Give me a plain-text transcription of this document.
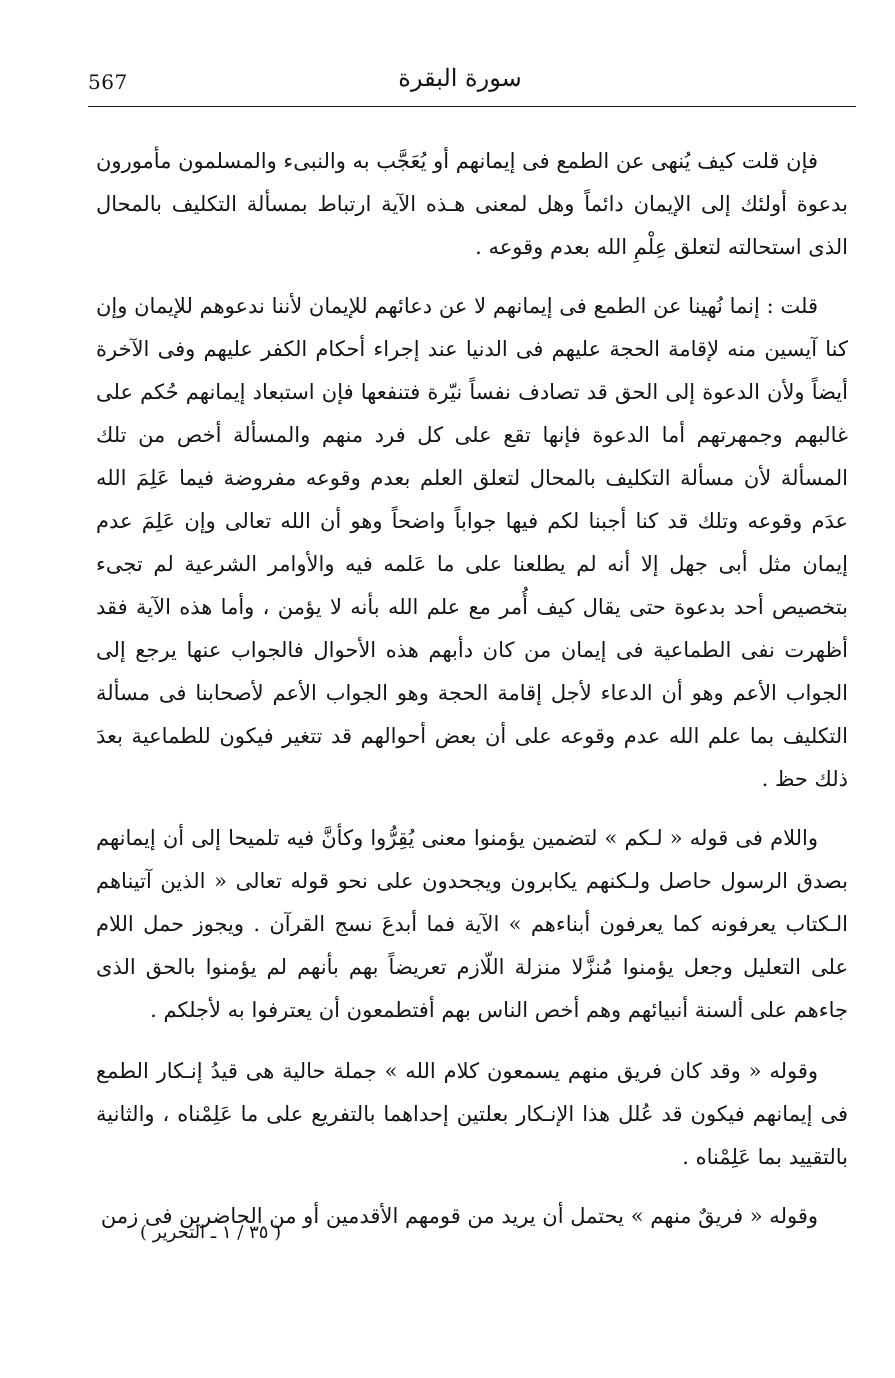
567	سورة البقرة

فإن قلت كيف يُنهى عن الطمع فى إيمانهم أو يُعَجَّب به والنبىء والمسلمون مأمورون بدعوة أولئك إلى الإيمان دائماً وهل لمعنى هـذه الآية ارتباط بمسألة التكليف بالمحال الذى استحالته لتعلق عِلْمِ الله بعدم وقوعه .

قلت : إنما نُهينا عن الطمع فى إيمانهم لا عن دعائهم للإيمان لأننا ندعوهم للإيمان وإن كنا آيسين منه لإقامة الحجة عليهم فى الدنيا عند إجراء أحكام الكفر عليهم وفى الآخرة أيضاً ولأن الدعوة إلى الحق قد تصادف نفساً نيّرة فتنفعها فإن استبعاد إيمانهم حُكم على غالبهم وجمهرتهم أما الدعوة فإنها تقع على كل فرد منهم والمسألة أخص من تلك المسألة لأن مسألة التكليف بالمحال لتعلق العلم بعدم وقوعه مفروضة فيما عَلِمَ الله عدَم وقوعه وتلك قد كنا أجبنا لكم فيها جواباً واضحاً وهو أن الله تعالى وإن عَلِمَ عدم إيمان مثل أبى جهل إلا أنه لم يطلعنا على ما عَلمه فيه والأوامر الشرعية لم تجىء بتخصيص أحد بدعوة حتى يقال كيف أُمر مع علم الله بأنه لا يؤمن ، وأما هذه الآية فقد أظهرت نفى الطماعية فى إيمان من كان دأبهم هذه الأحوال فالجواب عنها يرجع إلى الجواب الأعم وهو أن الدعاء لأجل إقامة الحجة وهو الجواب الأعم لأصحابنا فى مسألة التكليف بما علم الله عدم وقوعه على أن بعض أحوالهم قد تتغير فيكون للطماعية بعدَ ذلك حظ .

واللام فى قوله « لـكم » لتضمين يؤمنوا معنى يُقِرُّوا وكأنَّ فيه تلميحا إلى أن إيمانهم بصدق الرسول حاصل ولـكنهم يكابرون ويجحدون على نحو قوله تعالى « الذين آتيناهم الـكتاب يعرفونه كما يعرفون أبناءهم » الآية فما أبدعَ نسج القرآن . ويجوز حمل اللام على التعليل وجعل يؤمنوا مُنزَّلا منزلة اللّازم تعريضاً بهم بأنهم لم يؤمنوا بالحق الذى جاءهم على ألسنة أنبيائهم وهم أخص الناس بهم أفتطمعون أن يعترفوا به لأجلكم .

وقوله « وقد كان فريق منهم يسمعون كلام الله » جملة حالية هى قيدُ إنـكار الطمع فى إيمانهم فيكون قد عُلل هذا الإنـكار بعلتين إحداهما بالتفريع على ما عَلِمْناه ، والثانية بالتقييد بما عَلِمْناه .

وقوله « فريقٌ منهم » يحتمل أن يريد من قومهم الأقدمين أو من الحاضرين فى زمن

( ٣٥ / ١ ـ التحرير )
